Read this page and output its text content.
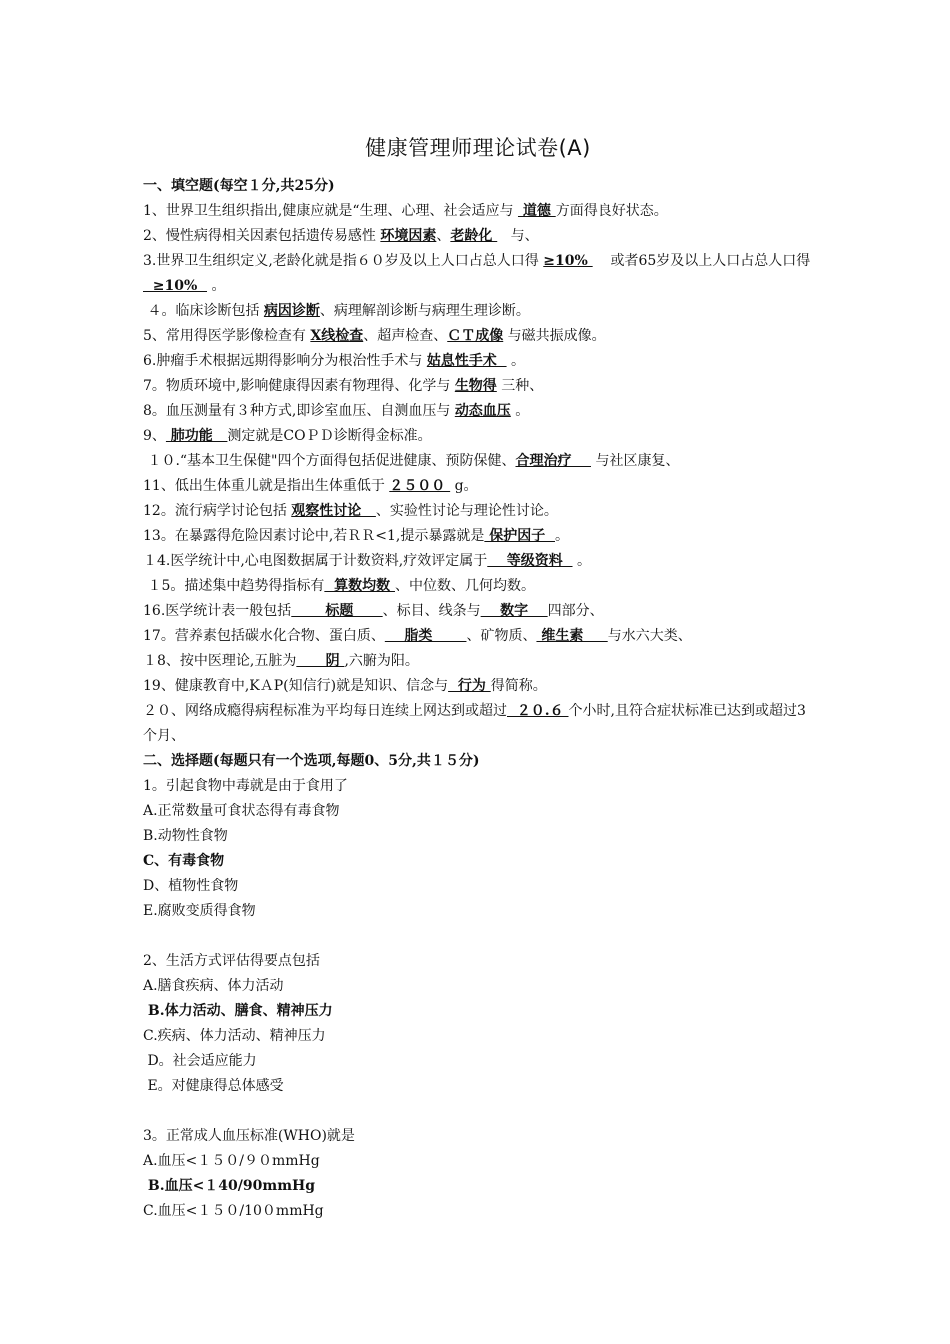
健康管理师理论试卷(A)
一、填空题(每空１分,共25分)
1、世界卫生组织指出,健康应就是“生理、心理、社会适应与  道德 方面得良好状态。
2、慢性病得相关因素包括遗传易感性 环境因素、老龄化    与、
3.世界卫生组织定义,老龄化就是指６０岁及以上人口占总人口得 ≥10%     或者65岁及以上人口占总人口得    ≥10%   。
４。临床诊断包括 病因诊断、病理解剖诊断与病理生理诊断。
5、常用得医学影像检查有 X线检查、超声检查、ＣＴ成像 与磁共振成像。
6.肿瘤手术根据远期得影响分为根治性手术与 姑息性手术   。
7。物质环境中,影响健康得因素有物理得、化学与 生物得 三种、
8。血压测量有３种方式,即诊室血压、自测血压与 动态血压 。
9、 肺功能   测定就是COＰＤ诊断得金标准。
１０.“基本卫生保健"四个方面得包括促进健康、预防保健、合理治疗     与社区康复、
11、低出生体重儿就是指出生体重低于 ２５００  g。
12。流行病学讨论包括 观察性讨论   、实验性讨论与理论性讨论。
13。在暴露得危险因素讨论中,若ＲＲ<1,提示暴露就是 保护因子  。
１4.医学统计中,心电图数据属于计数资料,疗效评定属于    等级资料   。
１5。描述集中趋势得指标有  算数均数 、中位数、几何均数。
16.医学统计表一般包括       标题      、标目、线条与    数字    四部分、
17。营养素包括碳水化合物、蛋白质、    脂类       、矿物质、 维生素     与水六大类、
１8、按中医理论,五脏为      阴 ,六腑为阳。
19、健康教育中,KＡP(知信行)就是知识、信念与  行为 得简称。
２０、网络成瘾得病程标准为平均每日连续上网达到或超过  ２０.６ 个小时,且符合症状标准已达到或超过3个月、
二、选择题(每题只有一个选项,每题0、5分,共１５分)
1。引起食物中毒就是由于食用了
A.正常数量可食状态得有毒食物
B.动物性食物
C、有毒食物
D、植物性食物
E.腐败变质得食物
2、生活方式评估得要点包括
A.膳食疾病、体力活动
B.体力活动、膳食、精神压力
C.疾病、体力活动、精神压力
D。社会适应能力
E。对健康得总体感受
3。正常成人血压标准(WHO)就是
A.血压<１５０/９０mmHg
B.血压<１40/90mmHg
C.血压<１５０/10０mmHg
